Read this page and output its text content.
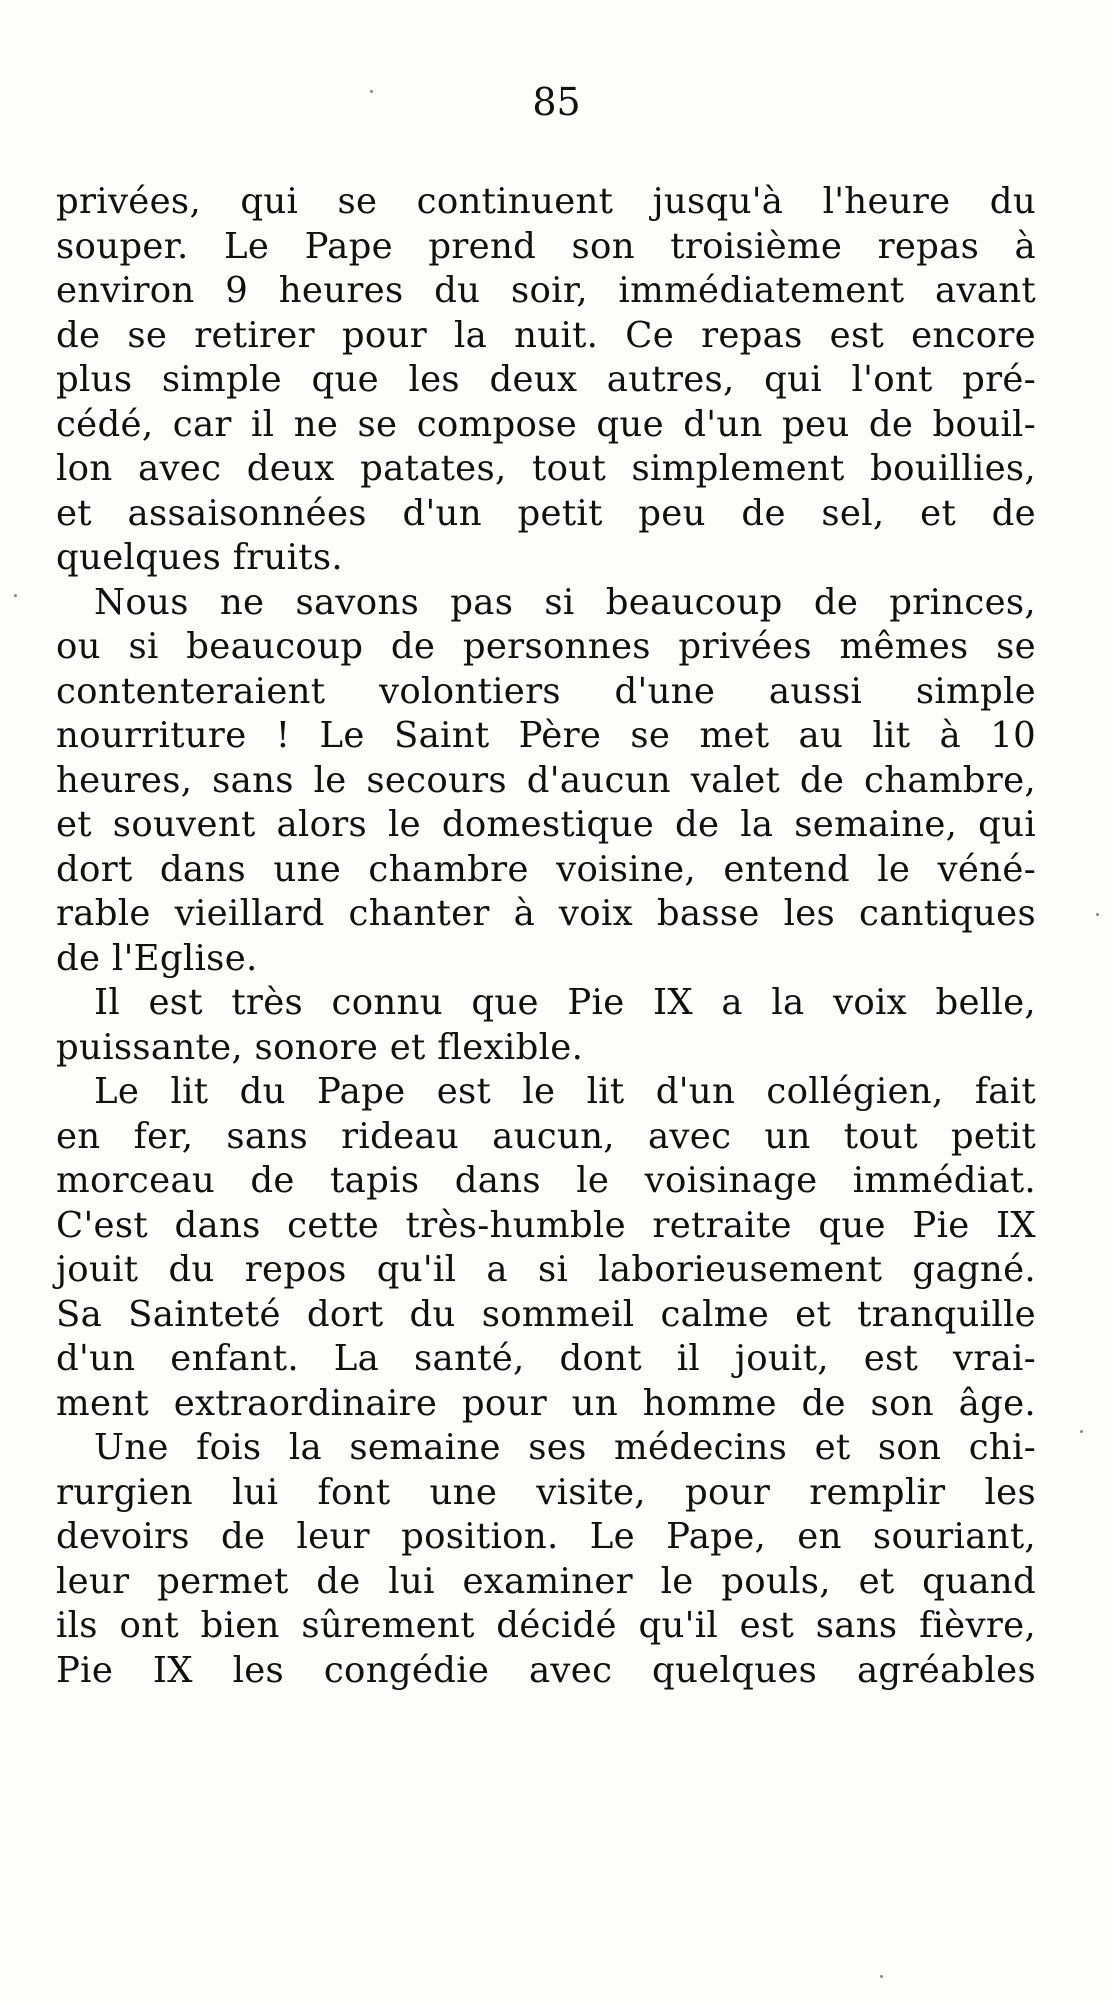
85
privées, qui se continuent jusqu'à l'heure du
souper. Le Pape prend son troisième repas à
environ 9 heures du soir, immédiatement avant
de se retirer pour la nuit. Ce repas est encore
plus simple que les deux autres, qui l'ont pré-
cédé, car il ne se compose que d'un peu de bouil-
lon avec deux patates, tout simplement bouillies,
et assaisonnées d'un petit peu de sel, et de
quelques fruits.
Nous ne savons pas si beaucoup de princes,
ou si beaucoup de personnes privées mêmes se
contenteraient volontiers d'une aussi simple
nourriture ! Le Saint Père se met au lit à 10
heures, sans le secours d'aucun valet de chambre,
et souvent alors le domestique de la semaine, qui
dort dans une chambre voisine, entend le véné-
rable vieillard chanter à voix basse les cantiques
de l'Eglise.
Il est très connu que Pie IX a la voix belle,
puissante, sonore et flexible.
Le lit du Pape est le lit d'un collégien, fait
en fer, sans rideau aucun, avec un tout petit
morceau de tapis dans le voisinage immédiat.
C'est dans cette très-humble retraite que Pie IX
jouit du repos qu'il a si laborieusement gagné.
Sa Sainteté dort du sommeil calme et tranquille
d'un enfant. La santé, dont il jouit, est vrai-
ment extraordinaire pour un homme de son âge.
Une fois la semaine ses médecins et son chi-
rurgien lui font une visite, pour remplir les
devoirs de leur position. Le Pape, en souriant,
leur permet de lui examiner le pouls, et quand
ils ont bien sûrement décidé qu'il est sans fièvre,
Pie IX les congédie avec quelques agréables
